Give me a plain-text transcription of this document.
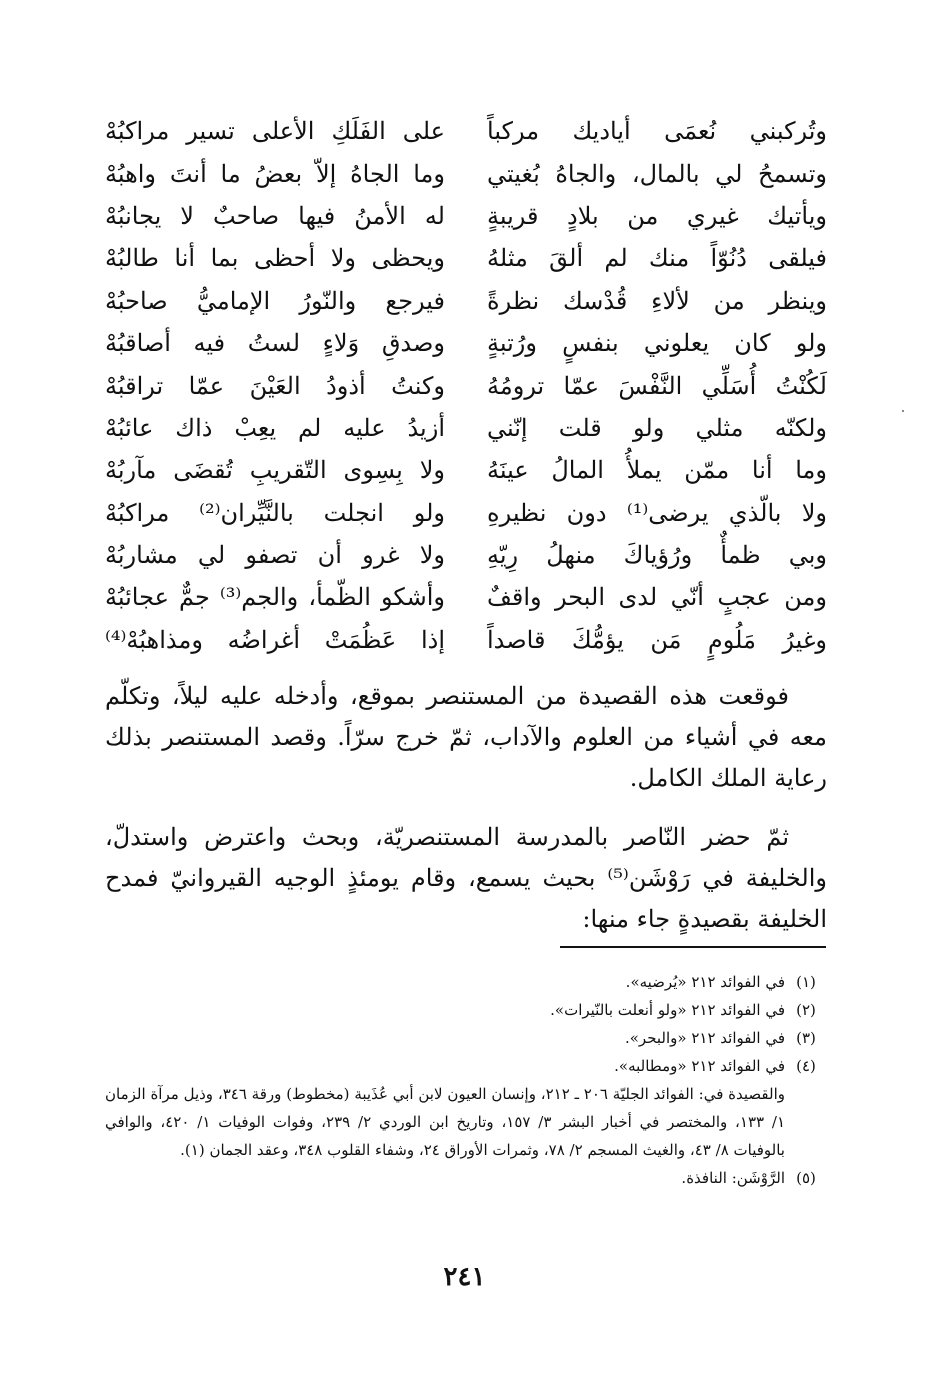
وتُركبني نُعمَى أياديك مركباً
على الفَلَكِ الأعلى تسير مراكبُهْ
وتسمحُ لي بالمال، والجاهُ بُغيتي
وما الجاهُ إلاّ بعضُ ما أنتَ واهبُهْ
ويأتيك غيري من بلادٍ قريبةٍ
له الأمنُ فيها صاحبٌ لا يجانبُهْ
فيلقى دُنُوّاً منك لم ألقَ مثلهُ
ويحظى ولا أحظى بما أنا طالبُهْ
وينظر من لألاءِ قُدْسك نظرةً
فيرجع والنّورُ الإماميُّ صاحبُهْ
ولو كان يعلوني بنفسٍ ورُتبةٍ
وصدقِ وَلاءٍ لستُ فيه أصاقبُهْ
لَكُنْتُ أُسَلِّي النَّفْسَ عمّا ترومُهُ
وكنتُ أذودُ العَيْنَ عمّا تراقبُهْ
ولكنّه مثلي ولو قلت إنّني
أزيدُ عليه لم يعِبْ ذاك عائبُهْ
وما أنا ممّن يملأُ المالُ عينَهُ
ولا بِسِوى التّقريبِ تُقضَى مآربُهْ
ولا بالّذي يرضى⁽¹⁾ دون نظيرهِ
ولو انجلت بالنَّيِّران⁽²⁾ مراكبُهْ
وبي ظمأٌ ورُؤياكَ منهلُ رِيّهِ
ولا غرو أن تصفو لي مشاربُهْ
ومن عجبٍ أنّي لدى البحر واقفٌ
وأشكو الظّمأ، والجم⁽³⁾ جمٌّ عجائبُهْ
وغيرُ مَلُومٍ مَن يؤمُّكَ قاصداً
إذا عَظُمَتْ أغراضُه ومذاهبُهْ⁽⁴⁾

فوقعت هذه القصيدة من المستنصر بموقع، وأدخله عليه ليلاً، وتكلّم معه في أشياء من العلوم والآداب، ثمّ خرج سرّاً. وقصد المستنصر بذلك رعاية الملك الكامل.

ثمّ حضر النّاصر بالمدرسة المستنصريّة، وبحث واعترض واستدلّ، والخليفة في رَوْشَن⁽⁵⁾ بحيث يسمع، وقام يومئذٍ الوجيه القيروانيّ فمدح الخليفة بقصيدةٍ جاء منها:

(١)
في الفوائد ٢١٢ «يُرضيه».
(٢)
في الفوائد ٢١٢ «ولو أنعلت بالنّيرات».
(٣)
في الفوائد ٢١٢ «والبحر».
(٤)
في الفوائد ٢١٢ «ومطالبه».
والقصيدة في: الفوائد الجليّة ٢٠٦ ـ ٢١٢، وإنسان العيون لابن أبي عُذَيبة (مخطوط) ورقة ٣٤٦، وذيل مرآة الزمان ١/ ١٣٣، والمختصر في أخبار البشر ٣/ ١٥٧، وتاريخ ابن الوردي ٢/ ٢٣٩، وفوات الوفيات ١/ ٤٢٠، والوافي بالوفيات ٨/ ٤٣، والغيث المسجم ٢/ ٧٨، وثمرات الأوراق ٢٤، وشفاء القلوب ٣٤٨، وعقد الجمان (١).
(٥)
الرَّوْشَن: النافذة.
٢٤١
